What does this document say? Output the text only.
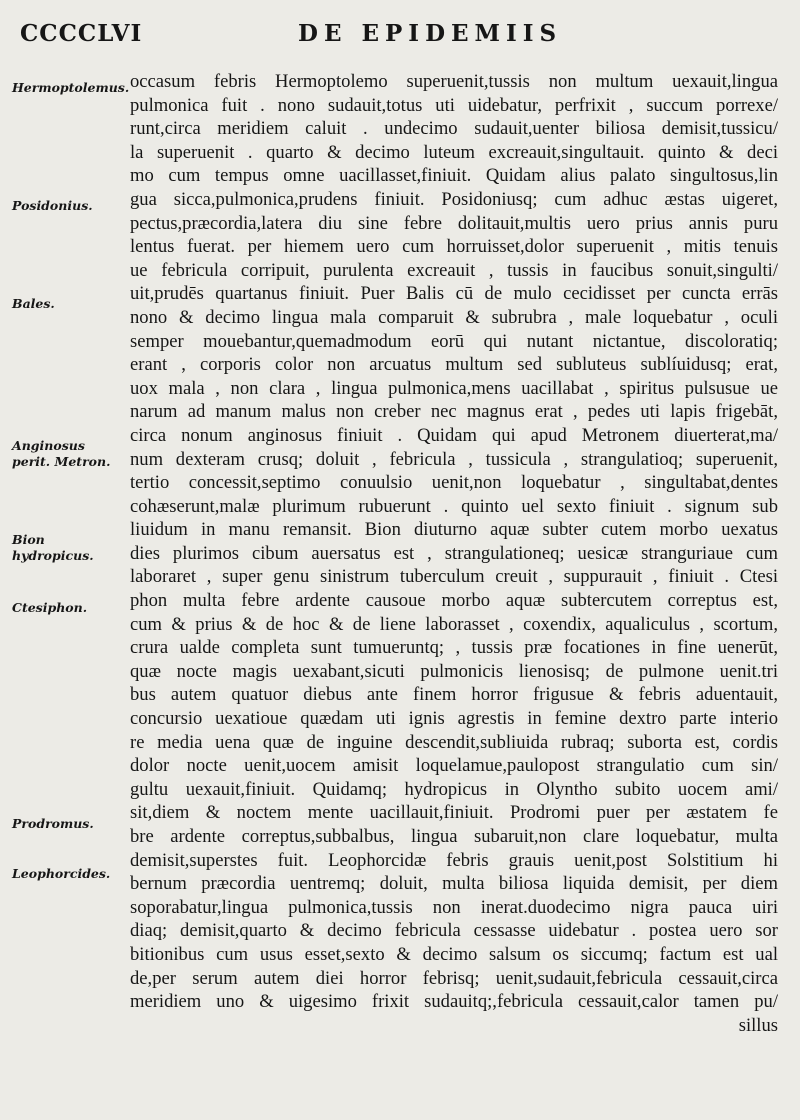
CCCCLVI	DE EPIDEMIIS
Hermoptolemus.
Posidonius.
Bales.
Anginosus perit. Metron.
Bion hydropicus.
Ctesiphon.
Prodromus.
Leophorcides.
occasum febris Hermoptolemo superuenit,tussis non multum uexauit,lingua
pulmonica fuit . nono sudauit,totus uti uidebatur, perfrixit , succum porrexe/
runt,circa meridiem caluit . undecimo sudauit,uenter biliosa demisit,tussicu/
la superuenit . quarto & decimo luteum excreauit,singultauit. quinto & deci
mo cum tempus omne uacillasset,finiuit. Quidam alius palato singultosus,lin
gua sicca,pulmonica,prudens finiuit. Posidoniusq; cum adhuc æstas uigeret,
pectus,præcordia,latera diu sine febre dolitauit,multis uero prius annis puru
lentus fuerat. per hiemem uero cum horruisset,dolor superuenit , mitis tenuis
ue febricula corripuit, purulenta excreauit , tussis in faucibus sonuit,singulti/
uit,prudēs quartanus finiuit. Puer Balis cū de mulo cecidisset per cuncta errās
nono & decimo lingua mala comparuit & subrubra , male loquebatur , oculi
semper mouebantur,quemadmodum eorū qui nutant nictantue, discoloratiq;
erant , corporis color non arcuatus multum sed subluteus sublíuidusq; erat,
uox mala , non clara , lingua pulmonica,mens uacillabat , spiritus pulsusue ue
narum ad manum malus non creber nec magnus erat , pedes uti lapis frigebāt,
circa nonum anginosus finiuit . Quidam qui apud Metronem diuerterat,ma/
num dexteram crusq; doluit , febricula , tussicula , strangulatioq; superuenit,
tertio concessit,septimo conuulsio uenit,non loquebatur , singultabat,dentes
cohæserunt,malæ plurimum rubuerunt . quinto uel sexto finiuit . signum sub
liuidum in manu remansit. Bion diuturno aquæ subter cutem morbo uexatus
dies plurimos cibum auersatus est , strangulationeq; uesicæ stranguriaue cum
laboraret , super genu sinistrum tuberculum creuit , suppurauit , finiuit . Ctesi
phon multa febre ardente causoue morbo aquæ subtercutem correptus est,
cum & prius & de hoc & de liene laborasset , coxendix, aqualiculus , scortum,
crura ualde completa sunt tumueruntq; , tussis præ focationes in fine uenerūt,
quæ nocte magis uexabant,sicuti pulmonicis lienosisq; de pulmone uenit.tri
bus autem quatuor diebus ante finem horror frigusue & febris aduentauit,
concursio uexatioue quædam uti ignis agrestis in femine dextro parte interio
re media uena quæ de inguine descendit,subliuida rubraq; suborta est, cordis
dolor nocte uenit,uocem amisit loquelamue,paulopost strangulatio cum sin/
gultu uexauit,finiuit. Quidamq; hydropicus in Olyntho subito uocem ami/
sit,diem & noctem mente uacillauit,finiuit. Prodromi puer per æstatem fe
bre ardente correptus,subbalbus, lingua subaruit,non clare loquebatur, multa
demisit,superstes fuit. Leophorcidæ febris grauis uenit,post Solstitium hi
bernum præcordia uentremq; doluit, multa biliosa liquida demisit, per diem
soporabatur,lingua pulmonica,tussis non inerat.duodecimo nigra pauca uiri
diaq; demisit,quarto & decimo febricula cessasse uidebatur . postea uero sor
bitionibus cum usus esset,sexto & decimo salsum os siccumq; factum est ual
de,per serum autem diei horror febrisq; uenit,sudauit,febricula cessauit,circa
meridiem uno & uigesimo frixit sudauitq;,febricula cessauit,calor tamen pu/
sillus
